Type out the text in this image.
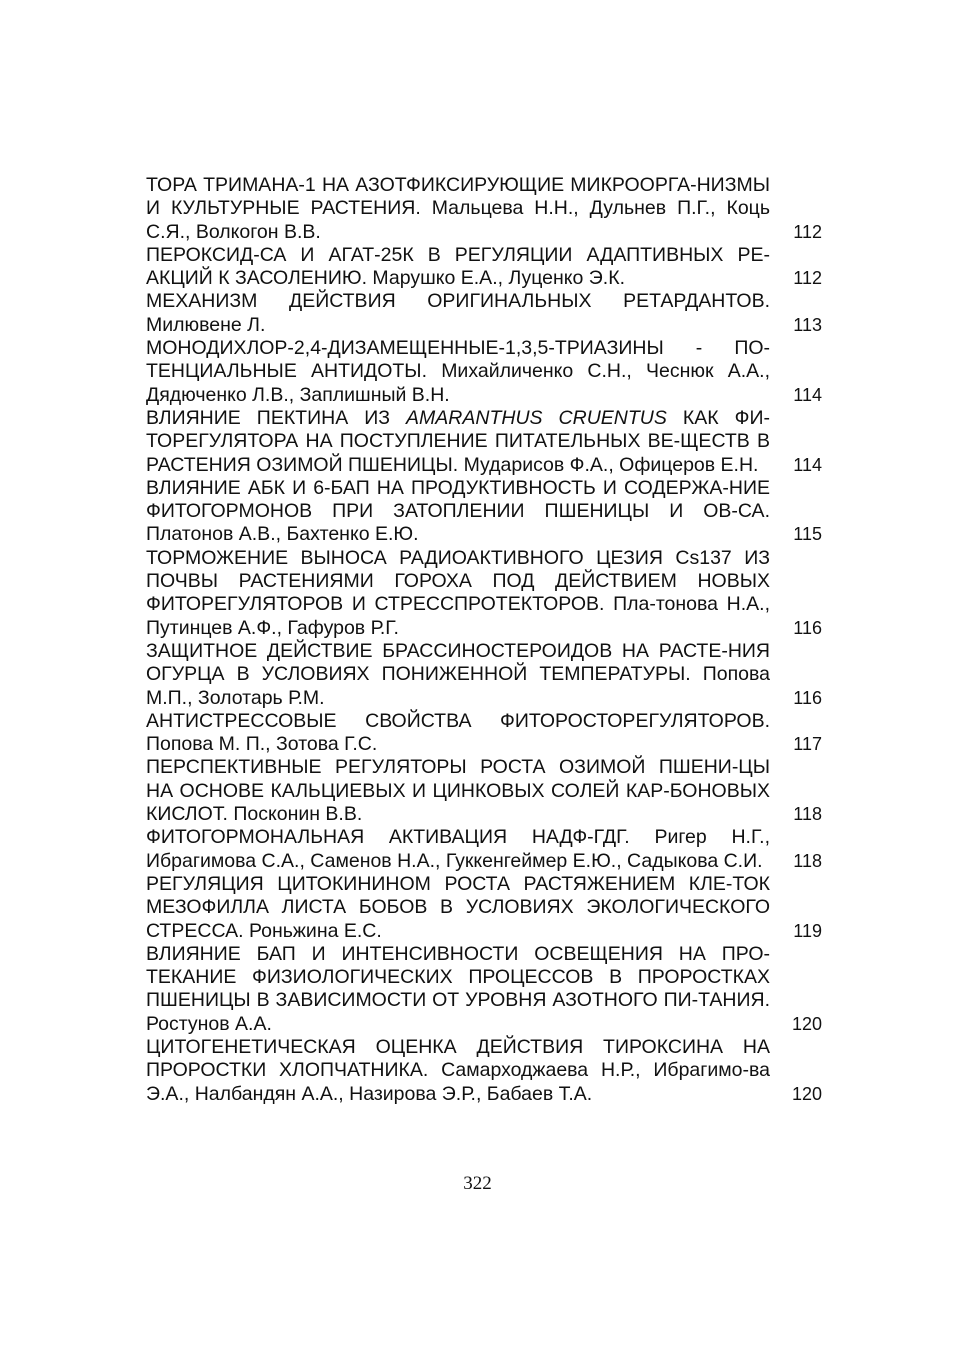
ТОРА ТРИМАНА-1 НА АЗОТФИКСИРУЮЩИЕ МИКРООРГА-НИЗМЫ И КУЛЬТУРНЫЕ РАСТЕНИЯ. Мальцева Н.Н., Дульнев П.Г., Коць С.Я., Волкогон В.В.	112
ПЕРОКСИД-СА И АГАТ-25К В РЕГУЛЯЦИИ АДАПТИВНЫХ РЕ-АКЦИЙ К ЗАСОЛЕНИЮ. Марушко Е.А., Луценко Э.К.	112
МЕХАНИЗМ ДЕЙСТВИЯ ОРИГИНАЛЬНЫХ РЕТАРДАНТОВ. Милювене Л.	113
МОНОДИХЛОР-2,4-ДИЗАМЕЩЕННЫЕ-1,3,5-ТРИАЗИНЫ - ПО-ТЕНЦИАЛЬНЫЕ АНТИДОТЫ. Михайличенко С.Н., Чеснюк А.А., Дядюченко Л.В., Заплишный В.Н.	114
ВЛИЯНИЕ ПЕКТИНА ИЗ AMARANTHUS CRUENTUS КАК ФИ-ТОРЕГУЛЯТОРА НА ПОСТУПЛЕНИЕ ПИТАТЕЛЬНЫХ ВЕ-ЩЕСТВ В РАСТЕНИЯ ОЗИМОЙ ПШЕНИЦЫ. Мударисов Ф.А., Офицеров Е.Н.	114
ВЛИЯНИЕ АБК И 6-БАП НА ПРОДУКТИВНОСТЬ И СОДЕРЖА-НИЕ ФИТОГОРМОНОВ ПРИ ЗАТОПЛЕНИИ ПШЕНИЦЫ И ОВ-СА. Платонов А.В., Бахтенко Е.Ю.	115
ТОРМОЖЕНИЕ ВЫНОСА РАДИОАКТИВНОГО ЦЕЗИЯ Cs137 ИЗ ПОЧВЫ РАСТЕНИЯМИ ГОРОХА ПОД ДЕЙСТВИЕМ НОВЫХ ФИТОРЕГУЛЯТОРОВ И СТРЕССПРОТЕКТОРОВ. Пла-тонова Н.А., Путинцев А.Ф., Гафуров Р.Г.	116
ЗАЩИТНОЕ ДЕЙСТВИЕ БРАССИНОСТЕРОИДОВ НА РАСТЕ-НИЯ ОГУРЦА В УСЛОВИЯХ ПОНИЖЕННОЙ ТЕМПЕРАТУРЫ. Попова М.П., Золотарь Р.М.	116
АНТИСТРЕССОВЫЕ СВОЙСТВА ФИТОРОСТОРЕГУЛЯТОРОВ. Попова М. П., Зотова Г.С.	117
ПЕРСПЕКТИВНЫЕ РЕГУЛЯТОРЫ РОСТА ОЗИМОЙ ПШЕНИ-ЦЫ НА ОСНОВЕ КАЛЬЦИЕВЫХ И ЦИНКОВЫХ СОЛЕЙ КАР-БОНОВЫХ КИСЛОТ. Посконин В.В.	118
ФИТОГОРМОНАЛЬНАЯ АКТИВАЦИЯ НАДФ-ГДГ. Ригер Н.Г., Ибрагимова С.А., Саменов Н.А., Гуккенгеймер Е.Ю., Садыкова С.И.	118
РЕГУЛЯЦИЯ ЦИТОКИНИНОМ РОСТА РАСТЯЖЕНИЕМ КЛЕ-ТОК МЕЗОФИЛЛА ЛИСТА БОБОВ В УСЛОВИЯХ ЭКОЛОГИЧЕСКОГО СТРЕССА. Роньжина Е.С.	119
ВЛИЯНИЕ БАП И ИНТЕНСИВНОСТИ ОСВЕЩЕНИЯ НА ПРО-ТЕКАНИЕ ФИЗИОЛОГИЧЕСКИХ ПРОЦЕССОВ В ПРОРОСТКАХ ПШЕНИЦЫ В ЗАВИСИМОСТИ ОТ УРОВНЯ АЗОТНОГО ПИ-ТАНИЯ. Ростунов А.А.	120
ЦИТОГЕНЕТИЧЕСКАЯ ОЦЕНКА ДЕЙСТВИЯ ТИРОКСИНА НА ПРОРОСТКИ ХЛОПЧАТНИКА. Самарходжаева Н.Р., Ибрагимо-ва Э.А., Налбандян А.А., Назирова Э.Р., Бабаев Т.А.	120
322
